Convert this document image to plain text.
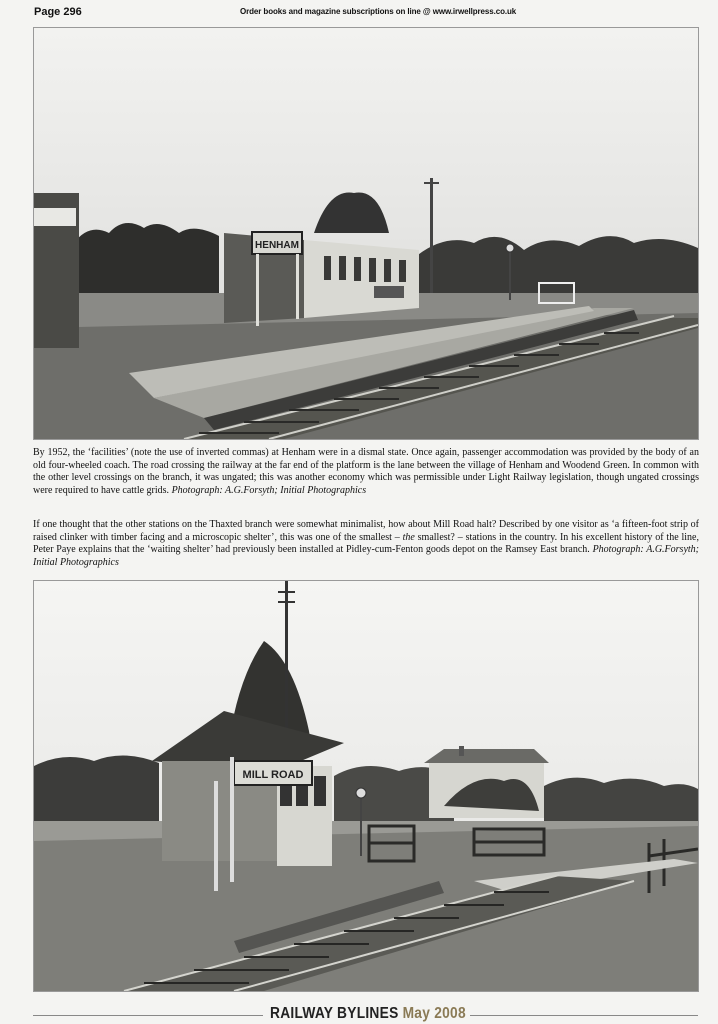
Page 296	Order books and magazine subscriptions on line @ www.irwellpress.co.uk
HENHAM
By 1952, the ‘facilities’ (note the use of inverted commas) at Henham were in a dismal state. Once again, passenger accommodation was provided by the body of an old four-wheeled coach. The road crossing the railway at the far end of the platform is the lane between the village of Henham and Woodend Green. In common with the other level crossings on the branch, it was ungated; this was another economy which was permissible under Light Railway legislation, though ungated crossings were required to have cattle grids. Photograph: A.G.Forsyth; Initial Photographics
If one thought that the other stations on the Thaxted branch were somewhat minimalist, how about Mill Road halt? Described by one visitor as ‘a fifteen-foot strip of raised clinker with timber facing and a microscopic shelter’, this was one of the smallest – the smallest? – stations in the country. In his excellent history of the line, Peter Paye explains that the ‘waiting shelter’ had previously been installed at Pidley-cum-Fenton goods depot on the Ramsey East branch. Photograph: A.G.Forsyth; Initial Photographics
MILL ROAD
RAILWAY BYLINES May 2008
